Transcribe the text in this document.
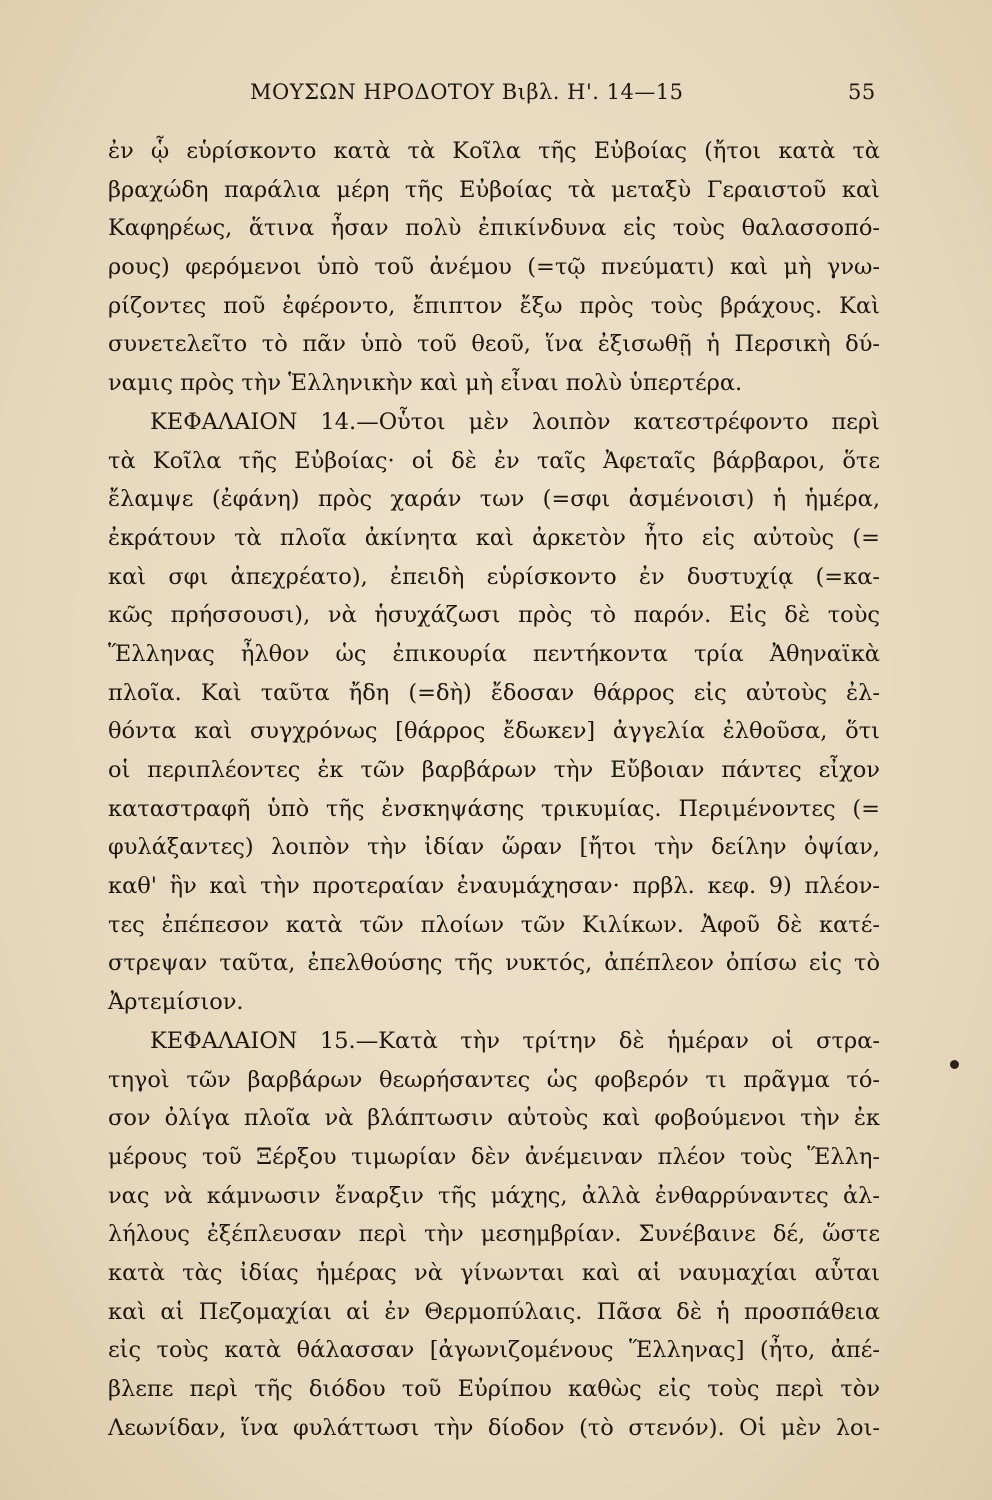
ΜΟΥΣΩΝ ΗΡΟΔΟΤΟΥ Βιβλ. Η'. 14—15	55
ἐν ᾧ εὑρίσκοντο κατὰ τὰ Κοῖλα τῆς Εὐβοίας (ἤτοι κατὰ τὰ
βραχώδη παράλια μέρη τῆς Εὐβοίας τὰ μεταξὺ Γεραιστοῦ καὶ
Καφηρέως, ἅτινα ἦσαν πολὺ ἐπικίνδυνα εἰς τοὺς θαλασσοπό-
ρους) φερόμενοι ὑπὸ τοῦ ἀνέμου (=τῷ πνεύματι) καὶ μὴ γνω-
ρίζοντες ποῦ ἐφέροντο, ἔπιπτον ἔξω πρὸς τοὺς βράχους. Καὶ
συνετελεῖτο τὸ πᾶν ὑπὸ τοῦ θεοῦ, ἵνα ἐξισωθῇ ἡ Περσικὴ δύ-
ναμις πρὸς τὴν Ἑλληνικὴν καὶ μὴ εἶναι πολὺ ὑπερτέρα.
ΚΕΦΑΛΑΙΟΝ 14.—Οὗτοι μὲν λοιπὸν κατεστρέφοντο περὶ
τὰ Κοῖλα τῆς Εὐβοίας· οἱ δὲ ἐν ταῖς Ἀφεταῖς βάρβαροι, ὅτε
ἔλαμψε (ἐφάνη) πρὸς χαράν των (=σφι ἀσμένοισι) ἡ ἡμέρα,
ἐκράτουν τὰ πλοῖα ἀκίνητα καὶ ἀρκετὸν ἦτο εἰς αὐτοὺς (=
καὶ σφι ἀπεχρέατο), ἐπειδὴ εὑρίσκοντο ἐν δυστυχίᾳ (=κα-
κῶς πρήσσουσι), νὰ ἡσυχάζωσι πρὸς τὸ παρόν. Εἰς δὲ τοὺς
Ἕλληνας ἦλθον ὡς ἐπικουρία πεντήκοντα τρία Ἀθηναϊκὰ
πλοῖα. Καὶ ταῦτα ἤδη (=δὴ) ἔδοσαν θάρρος εἰς αὐτοὺς ἐλ-
θόντα καὶ συγχρόνως [θάρρος ἔδωκεν] ἀγγελία ἐλθοῦσα, ὅτι
οἱ περιπλέοντες ἐκ τῶν βαρβάρων τὴν Εὔβοιαν πάντες εἶχον
καταστραφῆ ὑπὸ τῆς ἐνσκηψάσης τρικυμίας. Περιμένοντες (=
φυλάξαντες) λοιπὸν τὴν ἰδίαν ὥραν [ἤτοι τὴν δείλην ὀψίαν,
καθ' ἣν καὶ τὴν προτεραίαν ἐναυμάχησαν· πρβλ. κεφ. 9) πλέον-
τες ἐπέπεσον κατὰ τῶν πλοίων τῶν Κιλίκων. Ἀφοῦ δὲ κατέ-
στρεψαν ταῦτα, ἐπελθούσης τῆς νυκτός, ἀπέπλεον ὀπίσω εἰς τὸ
Ἀρτεμίσιον.
ΚΕΦΑΛΑΙΟΝ 15.—Κατὰ τὴν τρίτην δὲ ἡμέραν οἱ στρα-
τηγοὶ τῶν βαρβάρων θεωρήσαντες ὡς φοβερόν τι πρᾶγμα τό-
σον ὀλίγα πλοῖα νὰ βλάπτωσιν αὐτοὺς καὶ φοβούμενοι τὴν ἐκ
μέρους τοῦ Ξέρξου τιμωρίαν δὲν ἀνέμειναν πλέον τοὺς Ἕλλη-
νας νὰ κάμνωσιν ἔναρξιν τῆς μάχης, ἀλλὰ ἐνθαρρύναντες ἀλ-
λήλους ἐξέπλευσαν περὶ τὴν μεσημβρίαν. Συνέβαινε δέ, ὥστε
κατὰ τὰς ἰδίας ἡμέρας νὰ γίνωνται καὶ αἱ ναυμαχίαι αὗται
καὶ αἱ Πεζομαχίαι αἱ ἐν Θερμοπύλαις. Πᾶσα δὲ ἡ προσπάθεια
εἰς τοὺς κατὰ θάλασσαν [ἀγωνιζομένους Ἕλληνας] (ἦτο, ἀπέ-
βλεπε περὶ τῆς διόδου τοῦ Εὐρίπου καθὼς εἰς τοὺς περὶ τὸν
Λεωνίδαν, ἵνα φυλάττωσι τὴν δίοδον (τὸ στενόν). Οἱ μὲν λοι-
